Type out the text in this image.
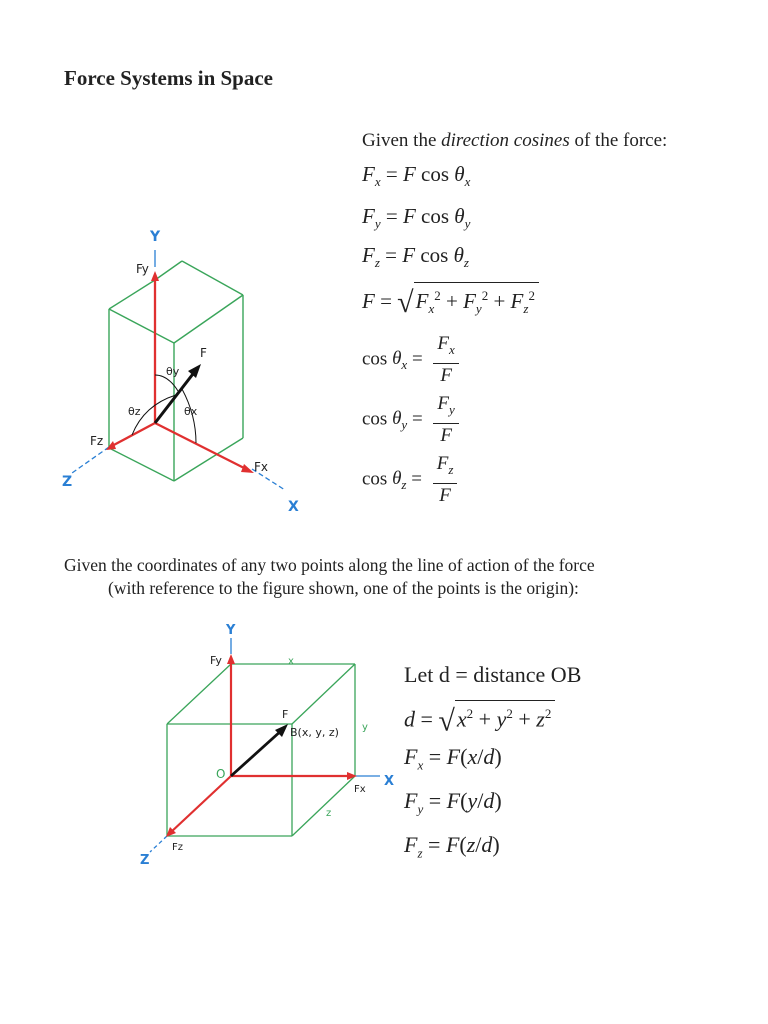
Force Systems in Space
Y
Z
X
Fy
Fz
Fx
F
θy
θz	θx
Given the direction cosines of the force:
$F_x = F$ $\cos \theta_x$
$F_y = F$ $\cos \theta_y$
$F_z = F$ $\cos \theta_z$
$F = √F_x^2 + F_y^2 + F_z^2$
$\cos \theta_x = \frac{F_x}{F}$
$\cos \theta_y = \frac{F_y}{F}$
$\cos \theta_z = \frac{F_z}{F}$
Given the coordinates of any two points along the line of action of the force
(with reference to the figure shown, one of the points is the origin):
Y
X
Z
Fy
Fx
Fz
F
O
B(x, y, z)
x
y
z
Let d = distance OB
$d = √x^2 + y^2 + z^2$
$F_x = F(x/d)$
$F_y = F(y/d)$
$F_z = F(z/d)$
